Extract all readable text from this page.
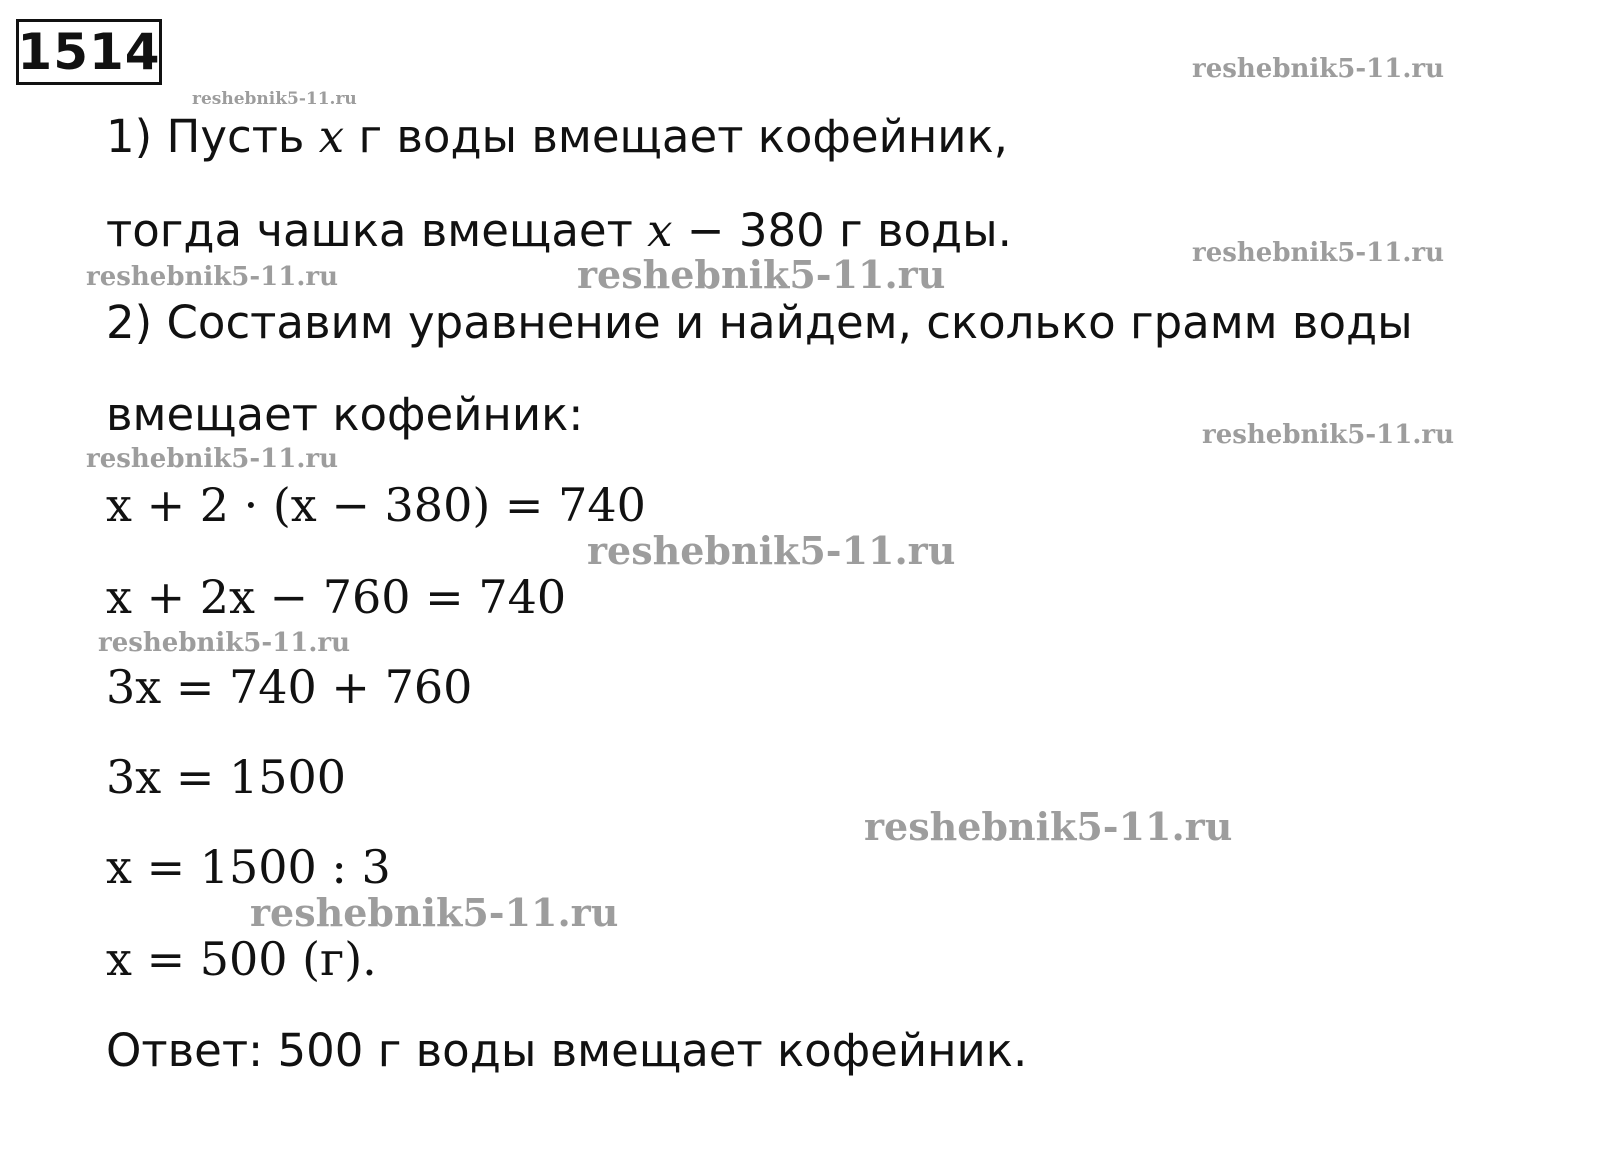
1514
1) Пусть x г воды вмещает кофейник,
тогда чашка вмещает x − 380 г воды.
2) Составим уравнение и найдем, сколько грамм воды
вмещает кофейник:
x + 2 · (x − 380) = 740
x + 2x − 760 = 740
3x = 740 + 760
3x = 1500
x = 1500 : 3
x = 500 (г).
Ответ: 500 г воды вмещает кофейник.
reshebnik5-11.ru
reshebnik5-11.ru
reshebnik5-11.ru
reshebnik5-11.ru	reshebnik5-11.ru
reshebnik5-11.ru
reshebnik5-11.ru
reshebnik5-11.ru
reshebnik5-11.ru
reshebnik5-11.ru
reshebnik5-11.ru
